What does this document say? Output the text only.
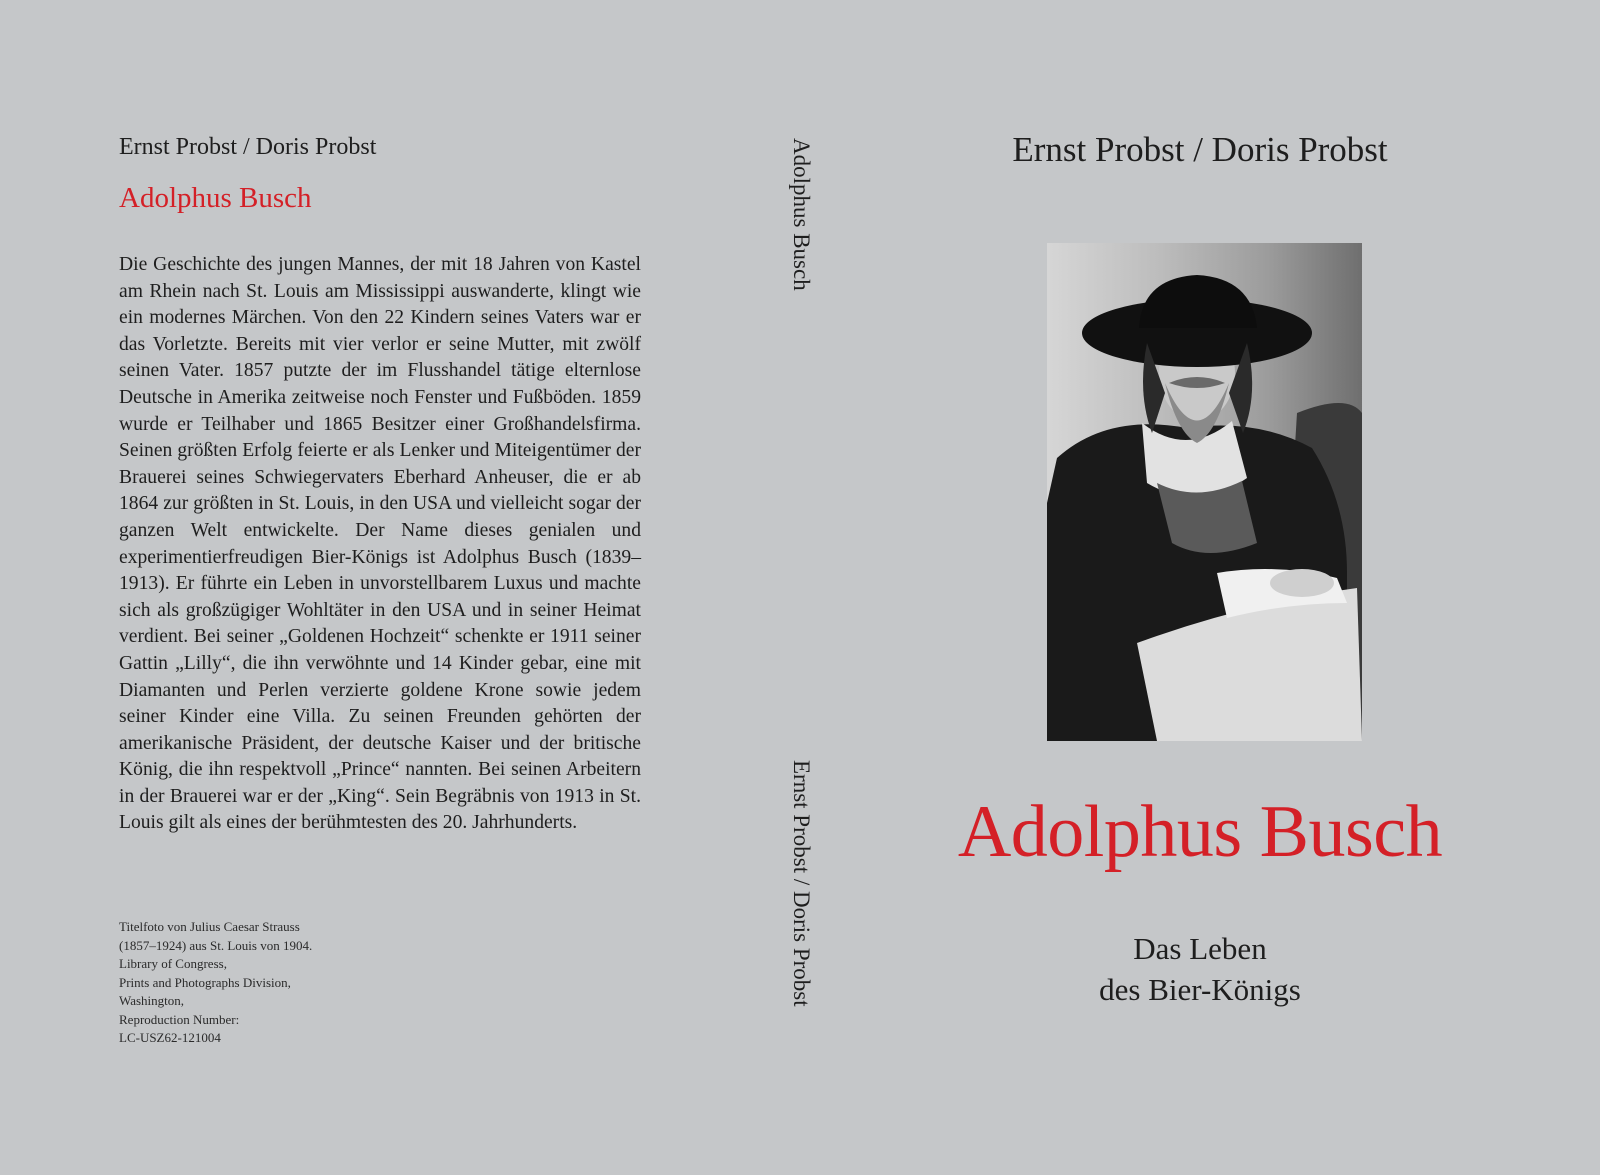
Ernst Probst / Doris Probst
Adolphus Busch

Die Geschichte des jungen Mannes, der mit 18 Jahren von Kastel am Rhein nach St. Louis am Mississippi auswanderte, klingt wie ein modernes Märchen. Von den 22 Kindern seines Vaters war er das Vorletzte. Bereits mit vier verlor er seine Mutter, mit zwölf seinen Vater. 1857 putzte der im Flusshandel tätige elternlose Deutsche in Amerika zeitweise noch Fenster und Fußböden. 1859 wurde er Teilhaber und 1865 Besitzer einer Großhandelsfirma. Seinen größten Erfolg feierte er als Lenker und Miteigentümer der Brauerei seines Schwiegervaters Eberhard Anheuser, die er ab 1864 zur größten in St. Louis, in den USA und vielleicht sogar der ganzen Welt entwickelte. Der Name dieses genialen und experimentierfreudigen Bier-Königs ist Adolphus Busch (1839–1913). Er führte ein Leben in unvorstellbarem Luxus und machte sich als großzügiger Wohltäter in den USA und in seiner Heimat verdient. Bei seiner „Goldenen Hochzeit“ schenkte er 1911 seiner Gattin „Lilly“, die ihn verwöhnte und 14 Kinder gebar, eine mit Diamanten und Perlen verzierte goldene Krone sowie jedem seiner Kinder eine Villa. Zu seinen Freunden gehörten der amerikanische Präsident, der deutsche Kaiser und der britische König, die ihn respektvoll „Prince“ nannten. Bei seinen Arbeitern in der Brauerei war er der „King“. Sein Begräbnis von 1913 in St. Louis gilt als eines der berühmtesten des 20. Jahrhunderts.

Titelfoto von Julius Caesar Strauss
(1857–1924) aus St. Louis von 1904.
Library of Congress,
Prints and Photographs Division,
Washington,
Reproduction Number:
LC-USZ62-121004
Adolphus Busch
Ernst Probst / Doris Probst
Ernst Probst / Doris Probst
Adolphus Busch
Das Leben
des Bier-Königs
